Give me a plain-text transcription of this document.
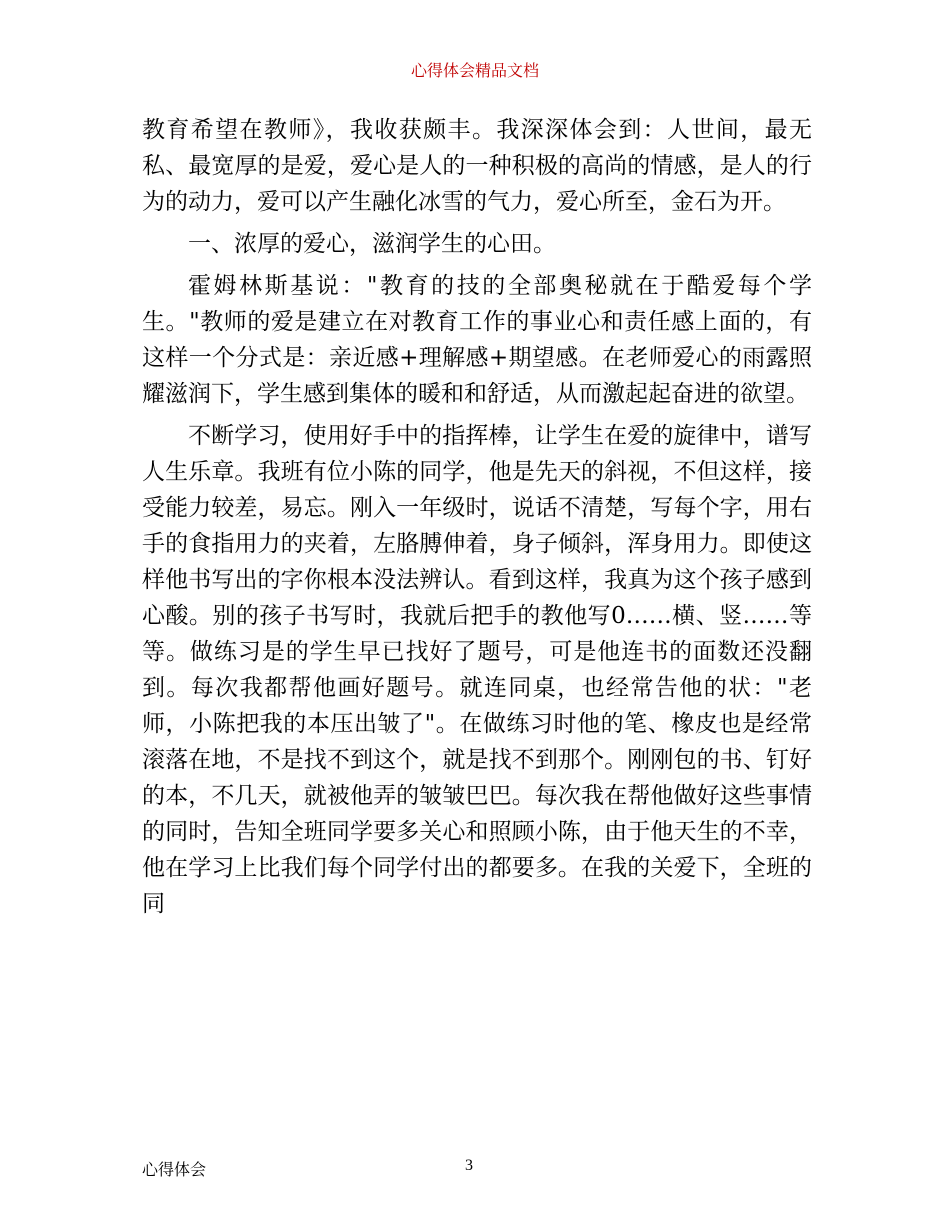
心得体会精品文档

教育希望在教师》，我收获颇丰。我深深体会到：人世间，最无私、最宽厚的是爱，爱心是人的一种积极的高尚的情感，是人的行为的动力，爱可以产生融化冰雪的气力，爱心所至，金石为开。

一、浓厚的爱心，滋润学生的心田。

霍姆林斯基说："教育的技的全部奥秘就在于酷爱每个学生。"教师的爱是建立在对教育工作的事业心和责任感上面的，有这样一个分式是：亲近感+理解感+期望感。在老师爱心的雨露照耀滋润下，学生感到集体的暖和和舒适，从而激起起奋进的欲望。

不断学习，使用好手中的指挥棒，让学生在爱的旋律中，谱写人生乐章。我班有位小陈的同学，他是先天的斜视，不但这样，接受能力较差，易忘。刚入一年级时，说话不清楚，写每个字，用右手的食指用力的夹着，左胳膊伸着，身子倾斜，浑身用力。即使这样他书写出的字你根本没法辨认。看到这样，我真为这个孩子感到心酸。别的孩子书写时，我就后把手的教他写0……横、竖……等等。做练习是的学生早已找好了题号，可是他连书的面数还没翻到。每次我都帮他画好题号。就连同桌，也经常告他的状："老师，小陈把我的本压出皱了"。在做练习时他的笔、橡皮也是经常滚落在地，不是找不到这个，就是找不到那个。刚刚包的书、钉好的本，不几天，就被他弄的皱皱巴巴。每次我在帮他做好这些事情的同时，告知全班同学要多关心和照顾小陈，由于他天生的不幸，他在学习上比我们每个同学付出的都要多。在我的关爱下，全班的同

心得体会	3
